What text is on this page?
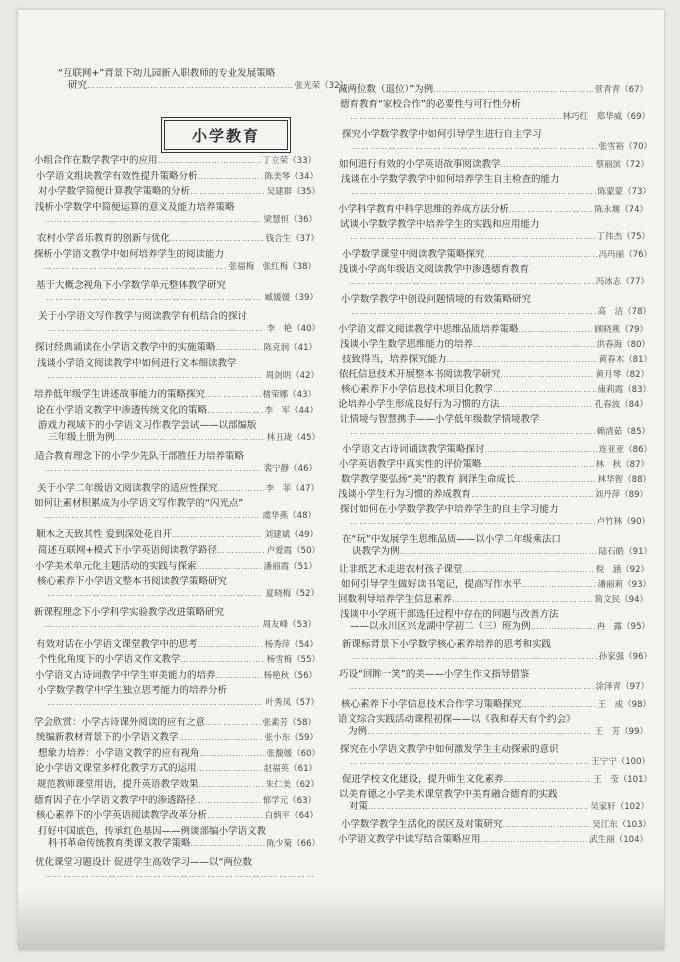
“互联网+”背景下幼儿园新入职教师的专业发展策略
研究 …………………………………………………………………………………………………………………………………………………………	张光荣（32）
小学教育
小组合作在数学教学中的应用 …………………………………………………………………………………………………………………………………………………………	丁立荣（33）
小学语文组块教学有效性提升策略分析 …………………………………………………………………………………………………………………………………………………………	陈美琴（34）
对小学数学简便计算教学策略的分析 …………………………………………………………………………………………………………………………………………………………	吴建群（35）
浅析小学数学中简便运算的意义及能力培养策略
…………………………………………………………………………………………………………………………………………………………
梁慧恒（36）
农村小学音乐教育的创新与优化 …………………………………………………………………………………………………………………………………………………………	钱合生（37）
探析小学语文教学中如何培养学生的阅读能力
…………………………………………………………………………………………………………………………………………………………
张福梅　张红梅（38）
基于大概念视角下小学数学单元整体教学研究
…………………………………………………………………………………………………………………………………………………………
臧媛媛（39）
关于小学语文写作教学与阅读教学有机结合的探讨
…………………………………………………………………………………………………………………………………………………………
李　艳（40）
探讨经典诵读在小学语文教学中的实施策略 …………………………………………………………………………………………………………………………………………………………	陈克润（41）
浅谈小学语文阅读教学中如何进行文本细读教学
…………………………………………………………………………………………………………………………………………………………
周剑明（42）
培养低年级学生讲述故事能力的策略探究 …………………………………………………………………………………………………………………………………………………………	楮荣娜（43）
论在小学语文教学中渗透传统文化的策略 …………………………………………………………………………………………………………………………………………………………	李　军（44）
游戏力视域下的小学语文习作教学尝试——以部编版
三年级上册为例 …………………………………………………………………………………………………………………………………………………………	林丑珑（45）
适合教育理念下的小学少先队干部胜任力培养策略
…………………………………………………………………………………………………………………………………………………………
裴宁静（46）
关于小学二年级语文阅读教学的适应性探究 …………………………………………………………………………………………………………………………………………………………	李　菲（47）
如何让素材积累成为小学语文写作教学的“闪光点”
…………………………………………………………………………………………………………………………………………………………
虞华燕（48）
顺木之天致其性 爱到深处花自开 …………………………………………………………………………………………………………………………………………………………	刘建斌（49）
简述互联网+模式下小学英语阅读教学路径 …………………………………………………………………………………………………………………………………………………………	卢爱霞（50）
小学美术单元化主题活动的实践与探索 …………………………………………………………………………………………………………………………………………………………	潘丽霞（51）
核心素养下小学语文整本书阅读教学策略研究
…………………………………………………………………………………………………………………………………………………………
夏晓梅（52）
新课程理念下小学科学实验教学改进策略研究
…………………………………………………………………………………………………………………………………………………………
周友峰（53）
有效对话在小学语文课堂教学中的思考 …………………………………………………………………………………………………………………………………………………………	杨秀萍（54）
个性化角度下的小学语文作文教学 …………………………………………………………………………………………………………………………………………………………	杨雪梅（55）
小学语文古诗词教学中学生审美能力的培养 …………………………………………………………………………………………………………………………………………………………	杨艳秋（56）
小学数学教学中学生独立思考能力的培养分析
…………………………………………………………………………………………………………………………………………………………
叶秀凤（57）
学会欣赏：小学古诗课外阅读的应有之意 …………………………………………………………………………………………………………………………………………………………	张素芳（58）
统编新教材背景下的小学语文教学 …………………………………………………………………………………………………………………………………………………………	张小东（59）
想象力培养：小学语文教学的应有视角 …………………………………………………………………………………………………………………………………………………………	张馥媛（60）
论小学语文课堂多样化教学方式的运用 …………………………………………………………………………………………………………………………………………………………	赵福英（61）
规范教师课堂用语，提升英语教学效果 …………………………………………………………………………………………………………………………………………………………	朱仁美（62）
德育因子在小学语文教学中的渗透路径 …………………………………………………………………………………………………………………………………………………………	郁学元（63）
核心素养下的小学英语阅读教学改革分析 …………………………………………………………………………………………………………………………………………………………	白炳平（64）
打好中国底色，传承红色基因——例谈部编小学语文教
科书革命传统教育类课文教学策略 …………………………………………………………………………………………………………………………………………………………	陈少菊（66）
优化课堂习题设计 促进学生高效学习——以“两位数
…………………………………………………………………………………………………………………………………………………………
减两位数（退位）”为例 …………………………………………………………………………………………………………………………………………………………	菅青青（67）
德育教育“家校合作”的必要性与可行性分析
…………………………………………………………………………………………………………………………………………………………
林巧红　郑华威（69）
探究小学数学教学中如何引导学生进行自主学习
…………………………………………………………………………………………………………………………………………………………
张雪裕（70）
如何进行有效的小学英语故事阅读教学 …………………………………………………………………………………………………………………………………………………………	蔡丽滨（72）
浅谈在小学数学教学中如何培养学生自主检查的能力
…………………………………………………………………………………………………………………………………………………………
陈蒙蒙（73）
小学科学教育中科学思维的养成方法分析 …………………………………………………………………………………………………………………………………………………………	陈永堰（74）
试谈小学数学教学中培养学生的实践和应用能力
…………………………………………………………………………………………………………………………………………………………
丁伟杰（75）
小学数学课堂中阅读教学策略探究 …………………………………………………………………………………………………………………………………………………………	冯玛丽（76）
浅谈小学高年级语文阅读教学中渗透德育教育
…………………………………………………………………………………………………………………………………………………………
冯冰志（77）
小学数学教学中创设问题情境的有效策略研究
…………………………………………………………………………………………………………………………………………………………
高　洁（78）
小学语文群文阅读教学中思维品质培养策略 …………………………………………………………………………………………………………………………………………………………	顾晓燕（79）
浅谈小学生数学思维能力的培养 …………………………………………………………………………………………………………………………………………………………	洪春海（80）
技致得当，培养探究能力 …………………………………………………………………………………………………………………………………………………………	黄春木（81）
依托信息技术开展整本书阅读教学研究 …………………………………………………………………………………………………………………………………………………………	黄月琴（82）
核心素养下小学信息技术项目化教学 …………………………………………………………………………………………………………………………………………………………	康莉霞（83）
论培养小学生形成良好行为习惯的方法 …………………………………………………………………………………………………………………………………………………………	孔春波（84）
让情境与智慧携手——小学低年级数学情境教学
…………………………………………………………………………………………………………………………………………………………
赖清茹（85）
小学语文古诗词诵读教学策略探讨 …………………………………………………………………………………………………………………………………………………………	连亚亚（86）
小学英语教学中真实性的评价策略 …………………………………………………………………………………………………………………………………………………………	林　秋（87）
数学教学要弘扬“美”的教育 润泽生命成长 …………………………………………………………………………………………………………………………………………………………	林华智（88）
浅谈小学生行为习惯的养成教育 …………………………………………………………………………………………………………………………………………………………	刘丹萍（89）
探讨如何在小学数学教学中培养学生的自主学习能力
…………………………………………………………………………………………………………………………………………………………
卢竹林（90）
在“玩”中发展学生思维品质——以小学二年级乘法口
诀教学为例 …………………………………………………………………………………………………………………………………………………………	陆石皓（91）
让非纸艺术走进农村孩子课堂 …………………………………………………………………………………………………………………………………………………………	倪　涵（92）
如何引导学生做好读书笔记，提高写作水平 …………………………………………………………………………………………………………………………………………………………	潘丽莉（93）
回数利导培养学生信息素养 …………………………………………………………………………………………………………………………………………………………	简文民（94）
浅谈中小学班干部选任过程中存在的问题与改善方法
——以永川区兴龙湖中学初二（三）班为例 …………………………………………………………………………………………………………………………………………………………	冉　露（95）
新课标背景下小学数学核心素养培养的思考和实践
…………………………………………………………………………………………………………………………………………………………
孙家强（96）
巧设“回眸一笑”的美——小学生作文指导借鉴
…………………………………………………………………………………………………………………………………………………………
涂泽青（97）
核心素养下小学信息技术合作学习策略探究 …………………………………………………………………………………………………………………………………………………………	王　成（98）
语文综合实践活动课程初探——以《我和春天有个约会》
为例 …………………………………………………………………………………………………………………………………………………………	王　芳（99）
探究在小学语文教学中如何激发学生主动探索的意识
…………………………………………………………………………………………………………………………………………………………
王宁宁（100）
促进学校文化建设，提升师生文化素养 …………………………………………………………………………………………………………………………………………………………	王　莹（101）
以美育德之小学美术课堂教学中美育融合德育的实践
对策 …………………………………………………………………………………………………………………………………………………………	吴家轩（102）
小学数学教学生活化的误区及对策研究 …………………………………………………………………………………………………………………………………………………………	吴江东（103）
小学语文教学中读写结合策略应用 …………………………………………………………………………………………………………………………………………………………	武生丽（104）
